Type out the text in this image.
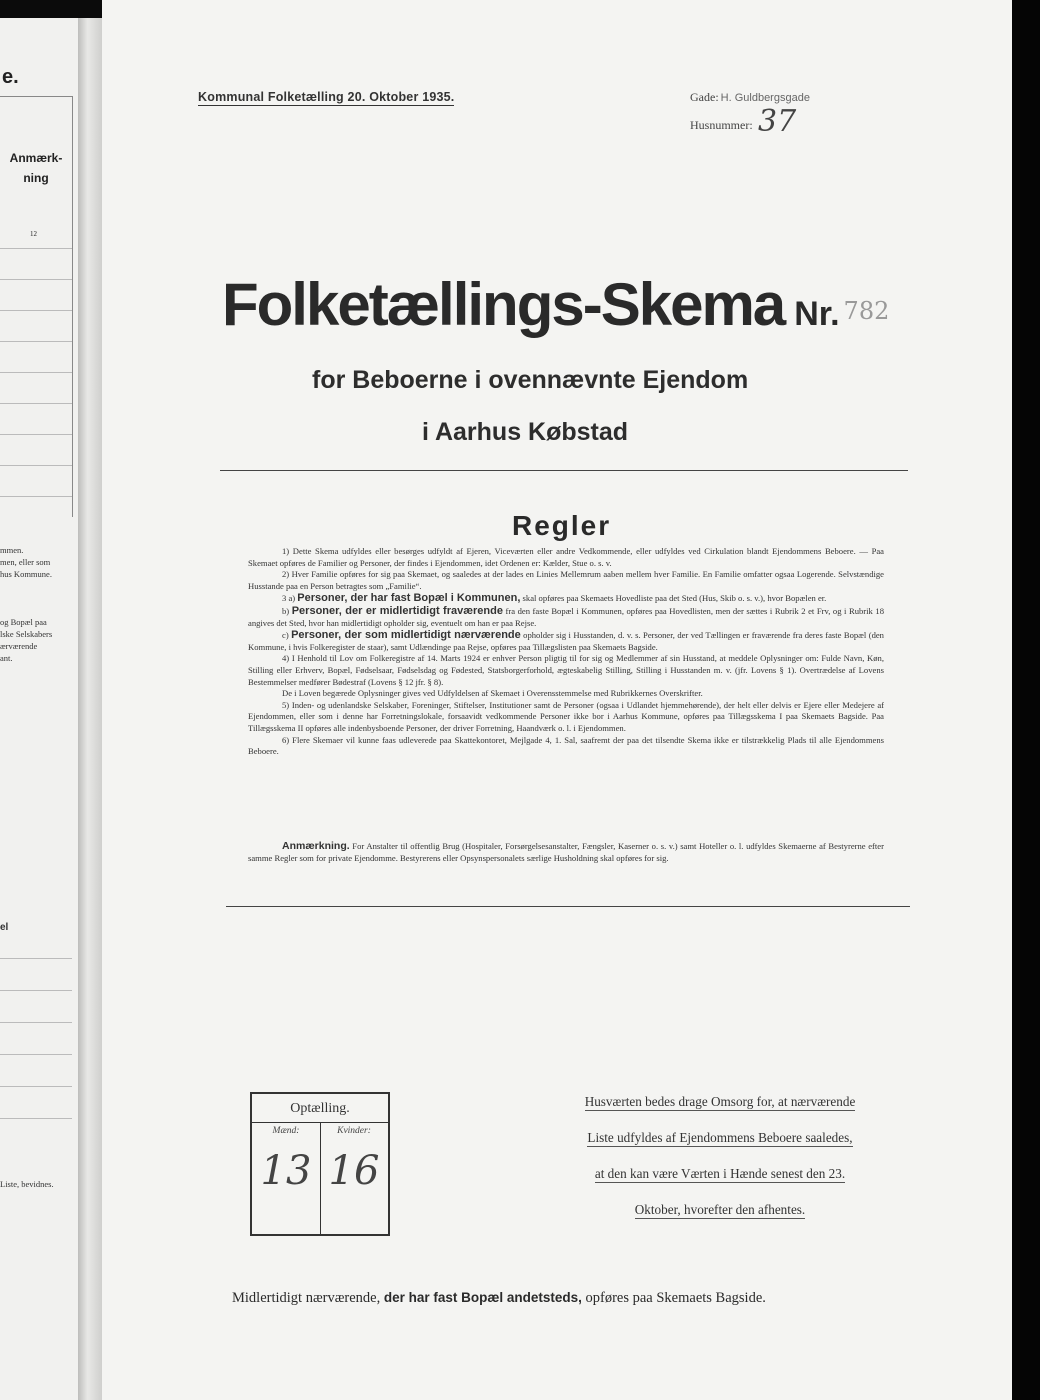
e.
Anmærk-
ning
12
mmen.
men, eller som
hus Kommune.
og Bopæl paa
lske Selskabers
ærværende
ant.
el
Liste, bevidnes.
Kommunal Folketælling 20. Oktober 1935.	Gade: H. Guldbergsgade
Husnummer: 37
Folketællings-Skema Nr. 782
for Beboerne i ovennævnte Ejendom
i Aarhus Købstad
Regler

1) Dette Skema udfyldes eller besørges udfyldt af Ejeren, Viceværten eller andre Vedkommende, eller udfyldes ved Cirkulation blandt Ejendommens Beboere. — Paa Skemaet opføres de Familier og Personer, der findes i Ejendommen, idet Ordenen er: Kælder, Stue o. s. v.

2) Hver Familie opføres for sig paa Skemaet, og saaledes at der lades en Linies Mellemrum aaben mellem hver Familie. En Familie omfatter ogsaa Logerende. Selvstændige Husstande paa en Person betragtes som „Familie“.

3 a) Personer, der har fast Bopæl i Kommunen, skal opføres paa Skemaets Hovedliste paa det Sted (Hus, Skib o. s. v.), hvor Bopælen er.

b) Personer, der er midlertidigt fraværende fra den faste Bopæl i Kommunen, opføres paa Hovedlisten, men der sættes i Rubrik 2 et Frv, og i Rubrik 18 angives det Sted, hvor han midlertidigt opholder sig, eventuelt om han er paa Rejse.

c) Personer, der som midlertidigt nærværende opholder sig i Husstanden, d. v. s. Personer, der ved Tællingen er fraværende fra deres faste Bopæl (den Kommune, i hvis Folkeregister de staar), samt Udlændinge paa Rejse, opføres paa Tillægslisten paa Skemaets Bagside.

4) I Henhold til Lov om Folkeregistre af 14. Marts 1924 er enhver Person pligtig til for sig og Medlemmer af sin Husstand, at meddele Oplysninger om: Fulde Navn, Køn, Stilling eller Erhverv, Bopæl, Fødselsaar, Fødselsdag og Fødested, Statsborgerforhold, ægteskabelig Stilling, Stilling i Husstanden m. v. (jfr. Lovens § 1). Overtrædelse af Lovens Bestemmelser medfører Bødestraf (Lovens § 12 jfr. § 8).

De i Loven begærede Oplysninger gives ved Udfyldelsen af Skemaet i Overensstemmelse med Rubrikkernes Overskrifter.

5) Inden- og udenlandske Selskaber, Foreninger, Stiftelser, Institutioner samt de Personer (ogsaa i Udlandet hjemmehørende), der helt eller delvis er Ejere eller Medejere af Ejendommen, eller som i denne har Forretningslokale, forsaavidt vedkommende Personer ikke bor i Aarhus Kommune, opføres paa Tillægsskema I paa Skemaets Bagside. Paa Tillægsskema II opføres alle indenbysboende Personer, der driver Forretning, Haandværk o. l. i Ejendommen.

6) Flere Skemaer vil kunne faas udleverede paa Skattekontoret, Mejlgade 4, 1. Sal, saafremt der paa det tilsendte Skema ikke er tilstrækkelig Plads til alle Ejendommens Beboere.

Anmærkning. For Anstalter til offentlig Brug (Hospitaler, Forsørgelsesanstalter, Fængsler, Kaserner o. s. v.) samt Hoteller o. l. udfyldes Skemaerne af Bestyrerne efter samme Regler som for private Ejendomme. Bestyrerens eller Opsynspersonalets særlige Husholdning skal opføres for sig.

Optælling.
Mænd:	Kvinder:
13 16
Husværten bedes drage Omsorg for, at nærværende
Liste udfyldes af Ejendommens Beboere saaledes,
at den kan være Værten i Hænde senest den 23.
Oktober, hvorefter den afhentes.
Midlertidigt nærværende, der har fast Bopæl andetsteds, opføres paa Skemaets Bagside.
